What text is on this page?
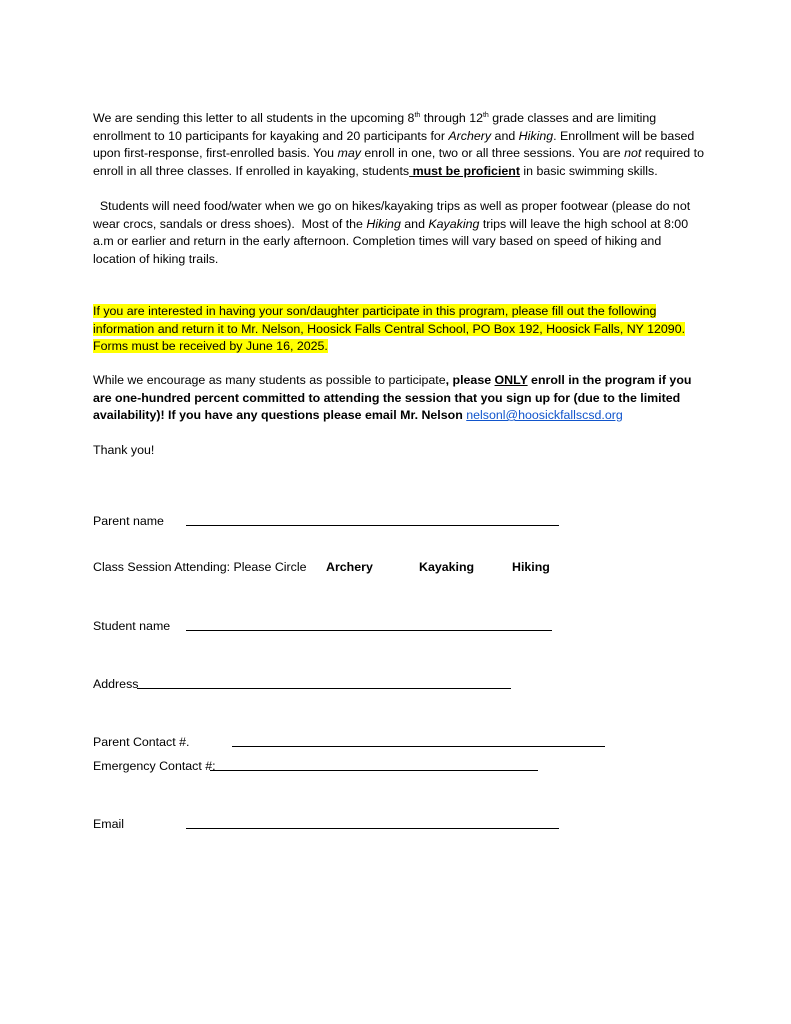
We are sending this letter to all students in the upcoming 8th through 12th grade classes and are limiting enrollment to 10 participants for kayaking and 20 participants for Archery and Hiking. Enrollment will be based upon first-response, first-enrolled basis. You may enroll in one, two or all three sessions. You are not required to enroll in all three classes. If enrolled in kayaking, students must be proficient in basic swimming skills.
Students will need food/water when we go on hikes/kayaking trips as well as proper footwear (please do not wear crocs, sandals or dress shoes).  Most of the Hiking and Kayaking trips will leave the high school at 8:00 a.m or earlier and return in the early afternoon. Completion times will vary based on speed of hiking and location of hiking trails.
If you are interested in having your son/daughter participate in this program, please fill out the following information and return it to Mr. Nelson, Hoosick Falls Central School, PO Box 192, Hoosick Falls, NY 12090. Forms must be received by June 16, 2025.
While we encourage as many students as possible to participate, please ONLY enroll in the program if you are one-hundred percent committed to attending the session that you sign up for (due to the limited availability)! If you have any questions please email Mr. Nelson nelsonl@hoosickfallscsd.org
Thank you!
Parent name
Class Session Attending: Please Circle Archery	Kayaking	Hiking
Student name
Address
Parent Contact #.
Emergency Contact #:
Email
